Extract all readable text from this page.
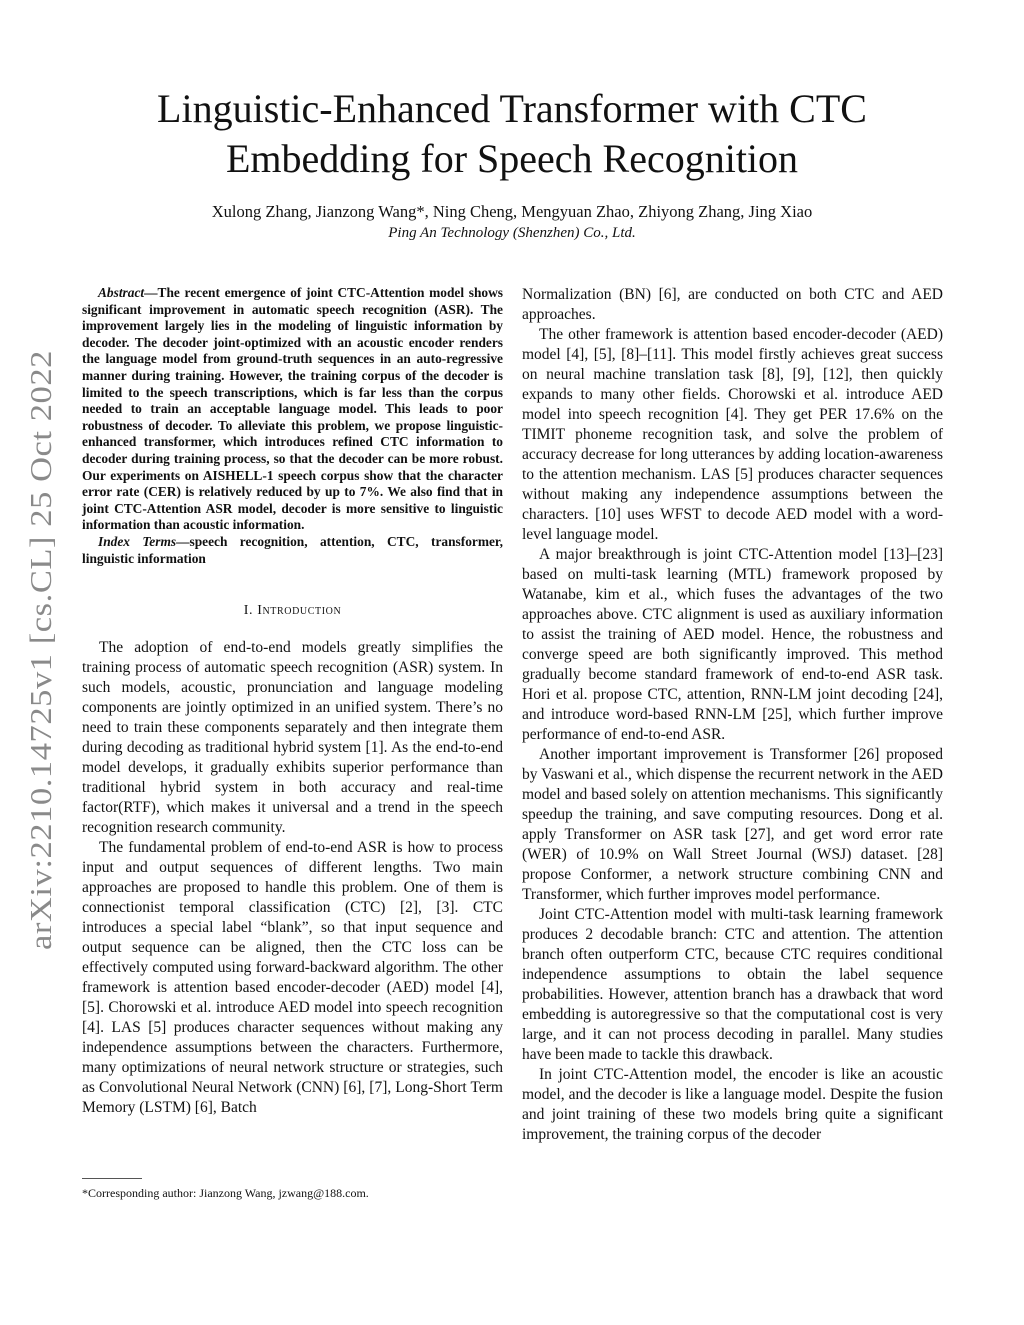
arXiv:2210.14725v1 [cs.CL] 25 Oct 2022
Linguistic-Enhanced Transformer with CTC
Embedding for Speech Recognition
Xulong Zhang, Jianzong Wang*, Ning Cheng, Mengyuan Zhao, Zhiyong Zhang, Jing Xiao
Ping An Technology (Shenzhen) Co., Ltd.

Abstract—The recent emergence of joint CTC-Attention model shows significant improvement in automatic speech recognition (ASR). The improvement largely lies in the modeling of linguistic information by decoder. The decoder joint-optimized with an acoustic encoder renders the language model from ground-truth sequences in an auto-regressive manner during training. However, the training corpus of the decoder is limited to the speech transcriptions, which is far less than the corpus needed to train an acceptable language model. This leads to poor robustness of decoder. To alleviate this problem, we propose linguistic-enhanced transformer, which introduces refined CTC information to decoder during training process, so that the decoder can be more robust. Our experiments on AISHELL-1 speech corpus show that the character error rate (CER) is relatively reduced by up to 7%. We also find that in joint CTC-Attention ASR model, decoder is more sensitive to linguistic information than acoustic information.

Index Terms—speech recognition, attention, CTC, transformer, linguistic information

I. Introduction

The adoption of end-to-end models greatly simplifies the training process of automatic speech recognition (ASR) system. In such models, acoustic, pronunciation and language modeling components are jointly optimized in an unified system. There’s no need to train these components separately and then integrate them during decoding as traditional hybrid system [1]. As the end-to-end model develops, it gradually exhibits superior performance than traditional hybrid system in both accuracy and real-time factor(RTF), which makes it universal and a trend in the speech recognition research community.

The fundamental problem of end-to-end ASR is how to process input and output sequences of different lengths. Two main approaches are proposed to handle this problem. One of them is connectionist temporal classification (CTC) [2], [3]. CTC introduces a special label “blank”, so that input sequence and output sequence can be aligned, then the CTC loss can be effectively computed using forward-backward algorithm. The other framework is attention based encoder-decoder (AED) model [4], [5]. Chorowski et al. introduce AED model into speech recognition [4]. LAS [5] produces character sequences without making any independence assumptions between the characters. Furthermore, many optimizations of neural network structure or strategies, such as Convolutional Neural Network (CNN) [6], [7], Long-Short Term Memory (LSTM) [6], Batch

*Corresponding author: Jianzong Wang, jzwang@188.com.

Normalization (BN) [6], are conducted on both CTC and AED approaches.

The other framework is attention based encoder-decoder (AED) model [4], [5], [8]–[11]. This model firstly achieves great success on neural machine translation task [8], [9], [12], then quickly expands to many other fields. Chorowski et al. introduce AED model into speech recognition [4]. They get PER 17.6% on the TIMIT phoneme recognition task, and solve the problem of accuracy decrease for long utterances by adding location-awareness to the attention mechanism. LAS [5] produces character sequences without making any independence assumptions between the characters. [10] uses WFST to decode AED model with a word-level language model.

A major breakthrough is joint CTC-Attention model [13]–[23] based on multi-task learning (MTL) framework proposed by Watanabe, kim et al., which fuses the advantages of the two approaches above. CTC alignment is used as auxiliary information to assist the training of AED model. Hence, the robustness and converge speed are both significantly improved. This method gradually become standard framework of end-to-end ASR task. Hori et al. propose CTC, attention, RNN-LM joint decoding [24], and introduce word-based RNN-LM [25], which further improve performance of end-to-end ASR.

Another important improvement is Transformer [26] proposed by Vaswani et al., which dispense the recurrent network in the AED model and based solely on attention mechanisms. This significantly speedup the training, and save computing resources. Dong et al. apply Transformer on ASR task [27], and get word error rate (WER) of 10.9% on Wall Street Journal (WSJ) dataset. [28] propose Conformer, a network structure combining CNN and Transformer, which further improves model performance.

Joint CTC-Attention model with multi-task learning framework produces 2 decodable branch: CTC and attention. The attention branch often outperform CTC, because CTC requires conditional independence assumptions to obtain the label sequence probabilities. However, attention branch has a drawback that word embedding is autoregressive so that the computational cost is very large, and it can not process decoding in parallel. Many studies have been made to tackle this drawback.

In joint CTC-Attention model, the encoder is like an acoustic model, and the decoder is like a language model. Despite the fusion and joint training of these two models bring quite a significant improvement, the training corpus of the decoder
